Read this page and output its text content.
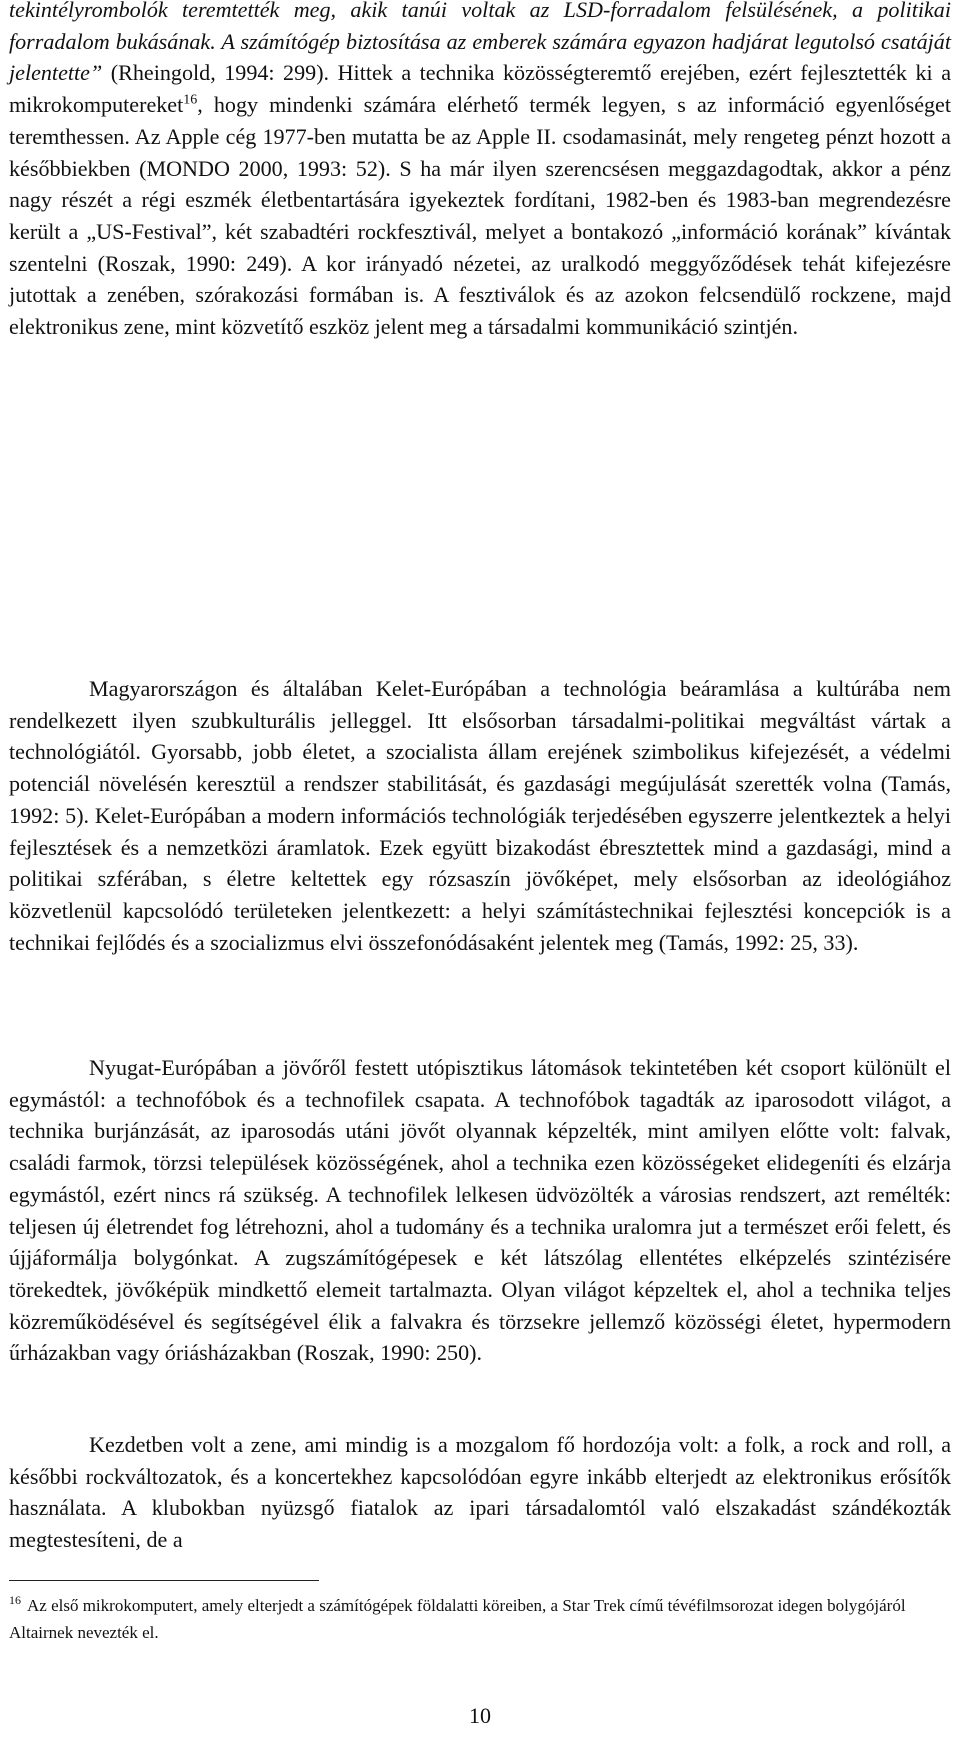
tekintélyrombolók teremtették meg, akik tanúi voltak az LSD-forradalom felsülésének, a politikai forradalom bukásának. A számítógép biztosítása az emberek számára egyazon hadjárat legutolsó csatáját jelentette” (Rheingold, 1994: 299). Hittek a technika közösségteremtő erejében, ezért fejlesztették ki a mikrokomputereket$^{16}$, hogy mindenki számára elérhető termék legyen, s az információ egyenlőséget teremthessen. Az Apple cég 1977-ben mutatta be az Apple II. csodamasinát, mely rengeteg pénzt hozott a későbbiekben (MONDO 2000, 1993: 52). S ha már ilyen szerencsésen meggazdagodtak, akkor a pénz nagy részét a régi eszmék életbentartására igyekeztek fordítani, 1982-ben és 1983-ban megrendezésre került a „US-Festival”, két szabadtéri rockfesztivál, melyet a bontakozó „információ korának” kívántak szentelni (Roszak, 1990: 249). A kor irányadó nézetei, az uralkodó meggyőződések tehát kifejezésre jutottak a zenében, szórakozási formában is. A fesztiválok és az azokon felcsendülő rockzene, majd elektronikus zene, mint közvetítő eszköz jelent meg a társadalmi kommunikáció szintjén.

Magyarországon és általában Kelet-Európában a technológia beáramlása a kultúrába nem rendelkezett ilyen szubkulturális jelleggel. Itt elsősorban társadalmi-politikai megváltást vártak a technológiától. Gyorsabb, jobb életet, a szocialista állam erejének szimbolikus kifejezését, a védelmi potenciál növelésén keresztül a rendszer stabilitását, és gazdasági megújulását szerették volna (Tamás, 1992: 5). Kelet-Európában a modern információs technológiák terjedésében egyszerre jelentkeztek a helyi fejlesztések és a nemzetközi áramlatok. Ezek együtt bizakodást ébresztettek mind a gazdasági, mind a politikai szférában, s életre keltettek egy rózsaszín jövőképet, mely elsősorban az ideológiához közvetlenül kapcsolódó területeken jelentkezett: a helyi számítástechnikai fejlesztési koncepciók is a technikai fejlődés és a szocializmus elvi összefonódásaként jelentek meg (Tamás, 1992: 25, 33).

Nyugat-Európában a jövőről festett utópisztikus látomások tekintetében két csoport különült el egymástól: a technofóbok és a technofilek csapata. A technofóbok tagadták az iparosodott világot, a technika burjánzását, az iparosodás utáni jövőt olyannak képzelték, mint amilyen előtte volt: falvak, családi farmok, törzsi települések közösségének, ahol a technika ezen közösségeket elidegeníti és elzárja egymástól, ezért nincs rá szükség. A technofilek lelkesen üdvözölték a városias rendszert, azt remélték: teljesen új életrendet fog létrehozni, ahol a tudomány és a technika uralomra jut a természet erői felett, és újjáformálja bolygónkat. A zugszámítógépesek e két látszólag ellentétes elképzelés szintézisére törekedtek, jövőképük mindkettő elemeit tartalmazta. Olyan világot képzeltek el, ahol a technika teljes közreműködésével és segítségével élik a falvakra és törzsekre jellemző közösségi életet, hypermodern űrházakban vagy óriásházakban (Roszak, 1990: 250).

Kezdetben volt a zene, ami mindig is a mozgalom fő hordozója volt: a folk, a rock and roll, a későbbi rockváltozatok, és a koncertekhez kapcsolódóan egyre inkább elterjedt az elektronikus erősítők használata. A klubokban nyüzsgő fiatalok az ipari társadalomtól való elszakadást szándékozták megtestesíteni, de a

$^{16}$ Az első mikrokomputert, amely elterjedt a számítógépek földalatti köreiben, a Star Trek című tévéfilmsorozat idegen bolygójáról Altairnek nevezték el.
10
